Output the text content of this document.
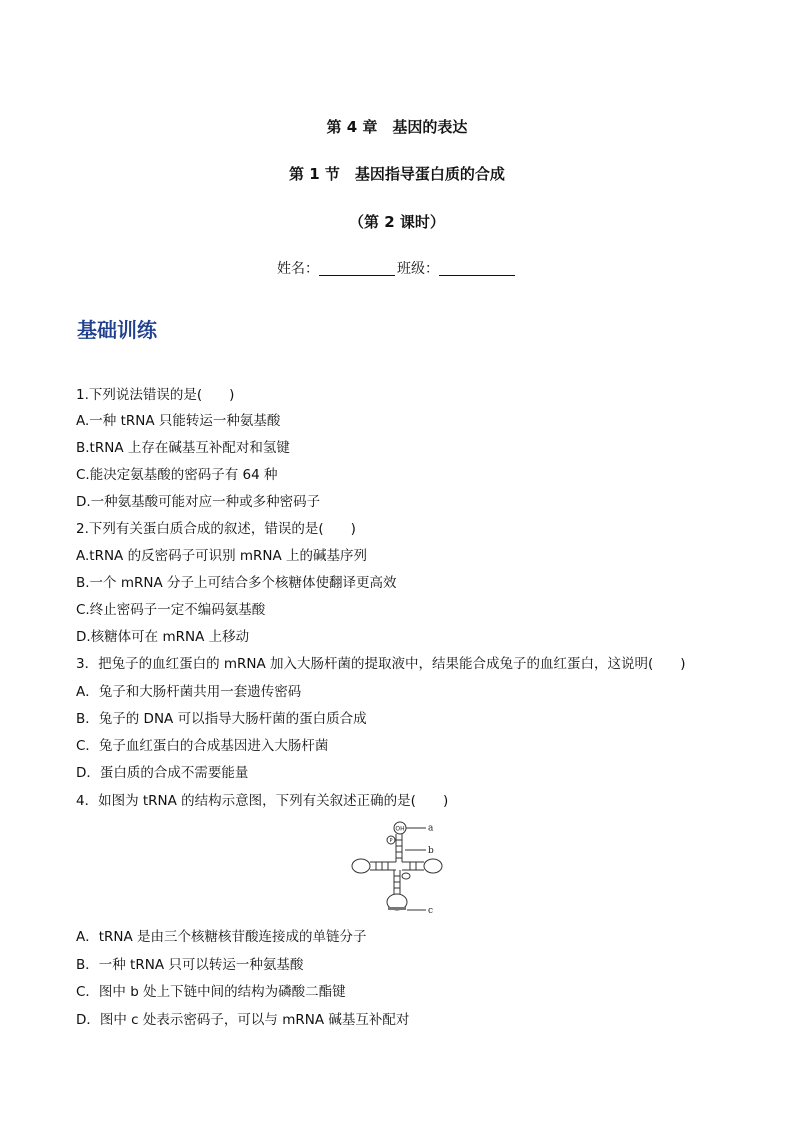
第 4 章　基因的表达
第 1 节　基因指导蛋白质的合成
（第 2 课时）
姓名：	班级：
基础训练
1.下列说法错误的是(　　)
A.一种 tRNA 只能转运一种氨基酸
B.tRNA 上存在碱基互补配对和氢键
C.能决定氨基酸的密码子有 64 种
D.一种氨基酸可能对应一种或多种密码子
2.下列有关蛋白质合成的叙述，错误的是(　　)
A.tRNA 的反密码子可识别 mRNA 上的碱基序列
B.一个 mRNA 分子上可结合多个核糖体使翻译更高效
C.终止密码子一定不编码氨基酸
D.核糖体可在 mRNA 上移动
3．把兔子的血红蛋白的 mRNA 加入大肠杆菌的提取液中，结果能合成兔子的血红蛋白，这说明(　　)
A．兔子和大肠杆菌共用一套遗传密码
B．兔子的 DNA 可以指导大肠杆菌的蛋白质合成
C．兔子血红蛋白的合成基因进入大肠杆菌
D．蛋白质的合成不需要能量
4．如图为 tRNA 的结构示意图，下列有关叙述正确的是(　　)
OH
P
a
b
c
A．tRNA 是由三个核糖核苷酸连接成的单链分子
B．一种 tRNA 只可以转运一种氨基酸
C．图中 b 处上下链中间的结构为磷酸二酯键
D．图中 c 处表示密码子，可以与 mRNA 碱基互补配对
